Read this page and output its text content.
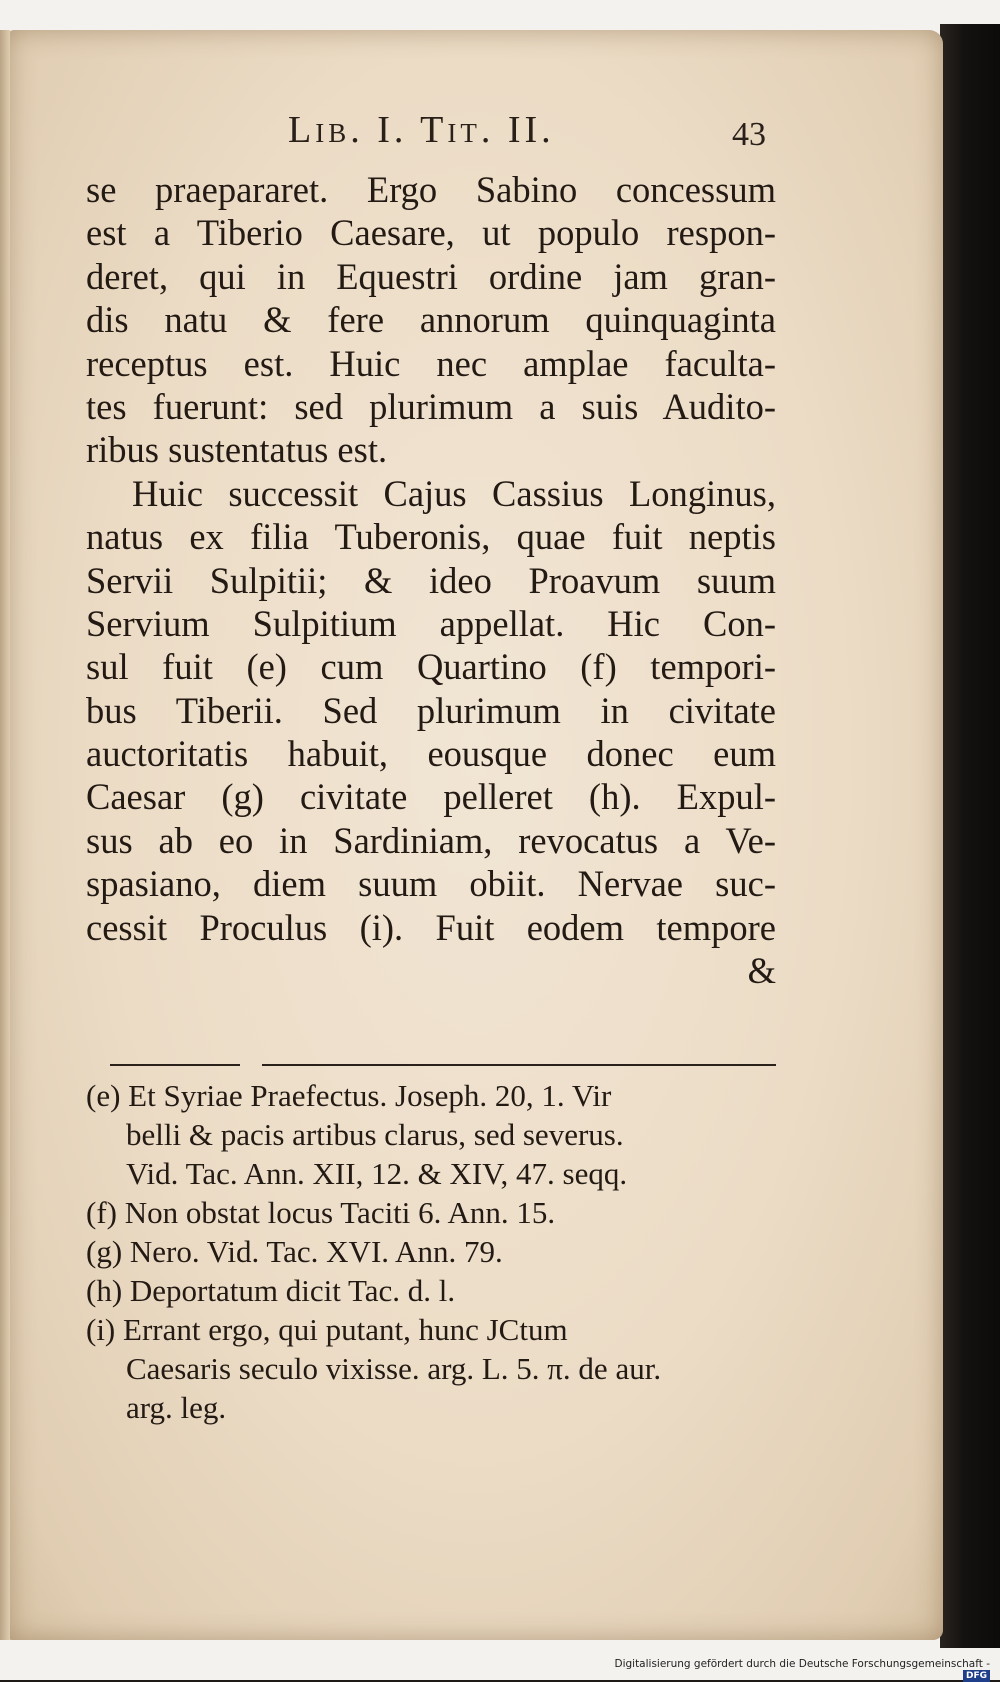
Lib. I. Tit. II.	43
se praepararet. Ergo Sabino concessum
est a Tiberio Caesare, ut populo respon-
deret, qui in Equestri ordine jam gran-
dis natu & fere annorum quinquaginta
receptus est. Huic nec amplae faculta-
tes fuerunt: sed plurimum a suis Audito-
ribus sustentatus est.
Huic successit Cajus Cassius Longinus,
natus ex filia Tuberonis, quae fuit neptis
Servii Sulpitii; & ideo Proavum suum
Servium Sulpitium appellat. Hic Con-
sul fuit (e) cum Quartino (f) tempori-
bus Tiberii. Sed plurimum in civitate
auctoritatis habuit, eousque donec eum
Caesar (g) civitate pelleret (h). Expul-
sus ab eo in Sardiniam, revocatus a Ve-
spasiano, diem suum obiit. Nervae suc-
cessit Proculus (i). Fuit eodem tempore
&
(e) Et Syriae Praefectus. Joseph. 20, 1. Vir
belli & pacis artibus clarus, sed severus.
Vid. Tac. Ann. XII, 12. & XIV, 47. seqq.
(f) Non obstat locus Taciti 6. Ann. 15.
(g) Nero. Vid. Tac. XVI. Ann. 79.
(h) Deportatum dicit Tac. d. l.
(i) Errant ergo, qui putant, hunc JCtum
Caesaris seculo vixisse. arg. L. 5. π. de aur.
arg. leg.
Digitalisierung gefördert durch die Deutsche Forschungsgemeinschaft - DFG
